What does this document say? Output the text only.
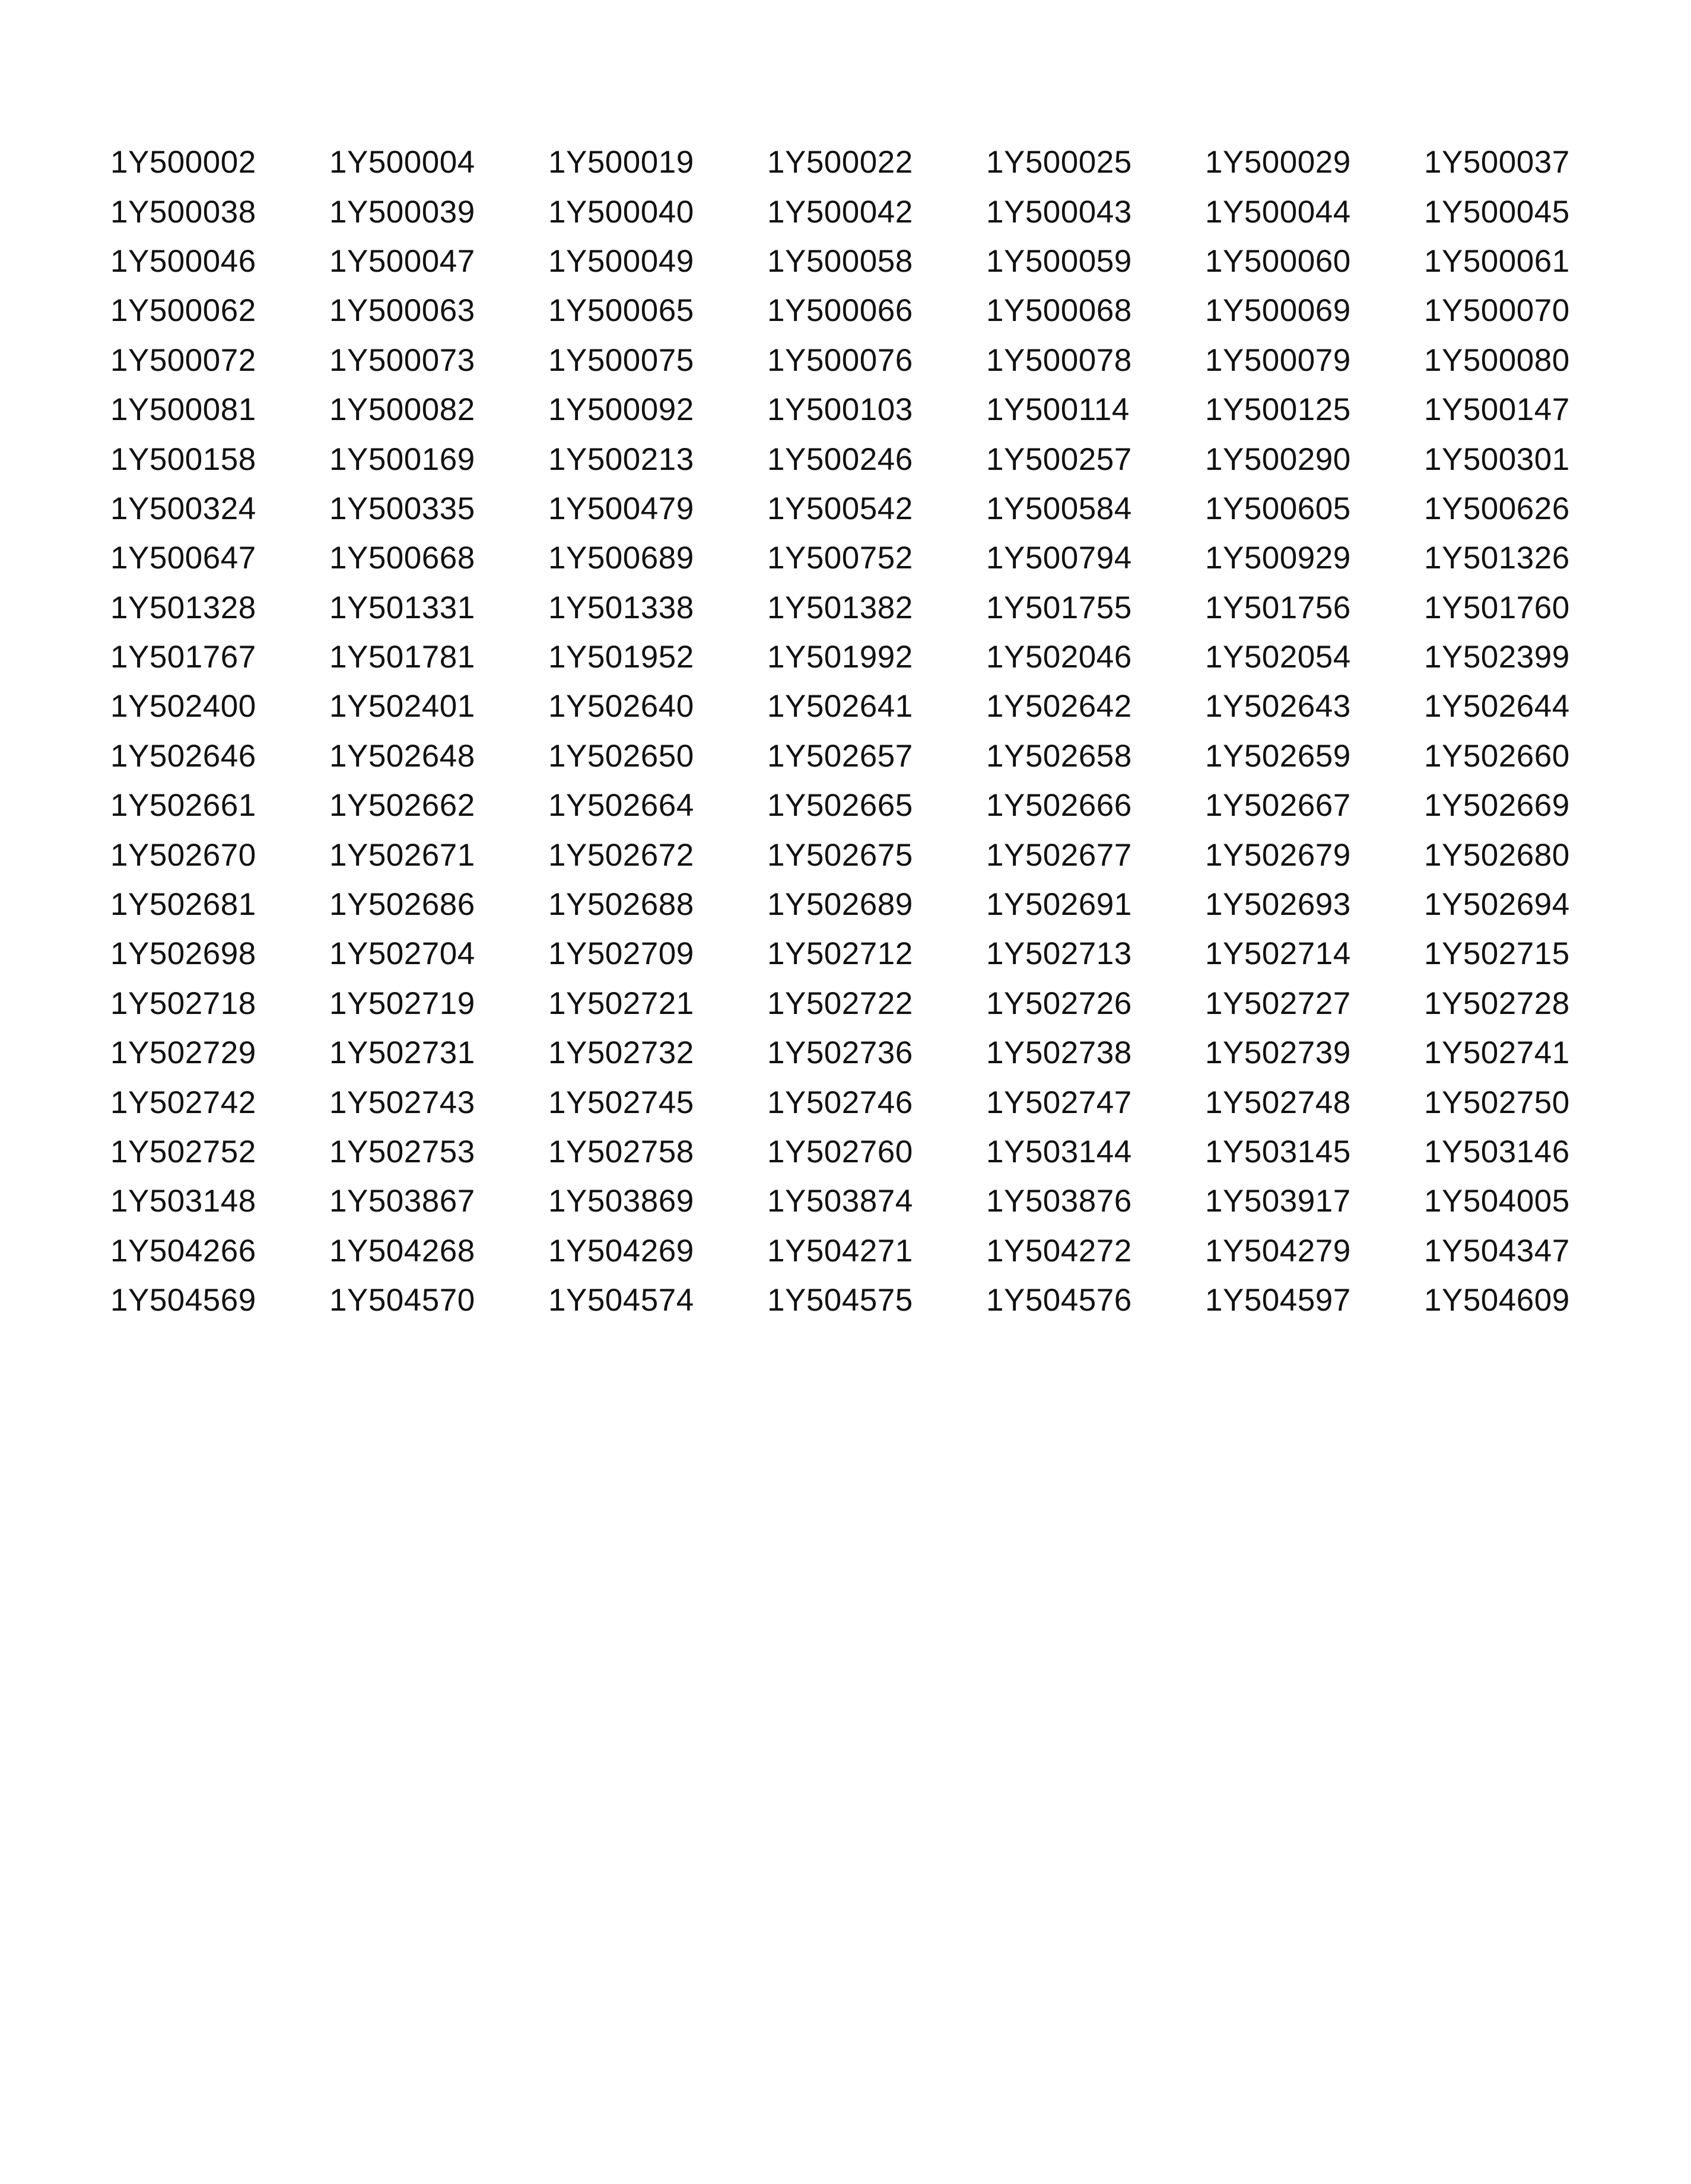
1Y500002	1Y500004	1Y500019	1Y500022	1Y500025	1Y500029	1Y500037
1Y500038	1Y500039	1Y500040	1Y500042	1Y500043	1Y500044	1Y500045
1Y500046	1Y500047	1Y500049	1Y500058	1Y500059	1Y500060	1Y500061
1Y500062	1Y500063	1Y500065	1Y500066	1Y500068	1Y500069	1Y500070
1Y500072	1Y500073	1Y500075	1Y500076	1Y500078	1Y500079	1Y500080
1Y500081	1Y500082	1Y500092	1Y500103	1Y500114	1Y500125	1Y500147
1Y500158	1Y500169	1Y500213	1Y500246	1Y500257	1Y500290	1Y500301
1Y500324	1Y500335	1Y500479	1Y500542	1Y500584	1Y500605	1Y500626
1Y500647	1Y500668	1Y500689	1Y500752	1Y500794	1Y500929	1Y501326
1Y501328	1Y501331	1Y501338	1Y501382	1Y501755	1Y501756	1Y501760
1Y501767	1Y501781	1Y501952	1Y501992	1Y502046	1Y502054	1Y502399
1Y502400	1Y502401	1Y502640	1Y502641	1Y502642	1Y502643	1Y502644
1Y502646	1Y502648	1Y502650	1Y502657	1Y502658	1Y502659	1Y502660
1Y502661	1Y502662	1Y502664	1Y502665	1Y502666	1Y502667	1Y502669
1Y502670	1Y502671	1Y502672	1Y502675	1Y502677	1Y502679	1Y502680
1Y502681	1Y502686	1Y502688	1Y502689	1Y502691	1Y502693	1Y502694
1Y502698	1Y502704	1Y502709	1Y502712	1Y502713	1Y502714	1Y502715
1Y502718	1Y502719	1Y502721	1Y502722	1Y502726	1Y502727	1Y502728
1Y502729	1Y502731	1Y502732	1Y502736	1Y502738	1Y502739	1Y502741
1Y502742	1Y502743	1Y502745	1Y502746	1Y502747	1Y502748	1Y502750
1Y502752	1Y502753	1Y502758	1Y502760	1Y503144	1Y503145	1Y503146
1Y503148	1Y503867	1Y503869	1Y503874	1Y503876	1Y503917	1Y504005
1Y504266	1Y504268	1Y504269	1Y504271	1Y504272	1Y504279	1Y504347
1Y504569	1Y504570	1Y504574	1Y504575	1Y504576	1Y504597	1Y504609
